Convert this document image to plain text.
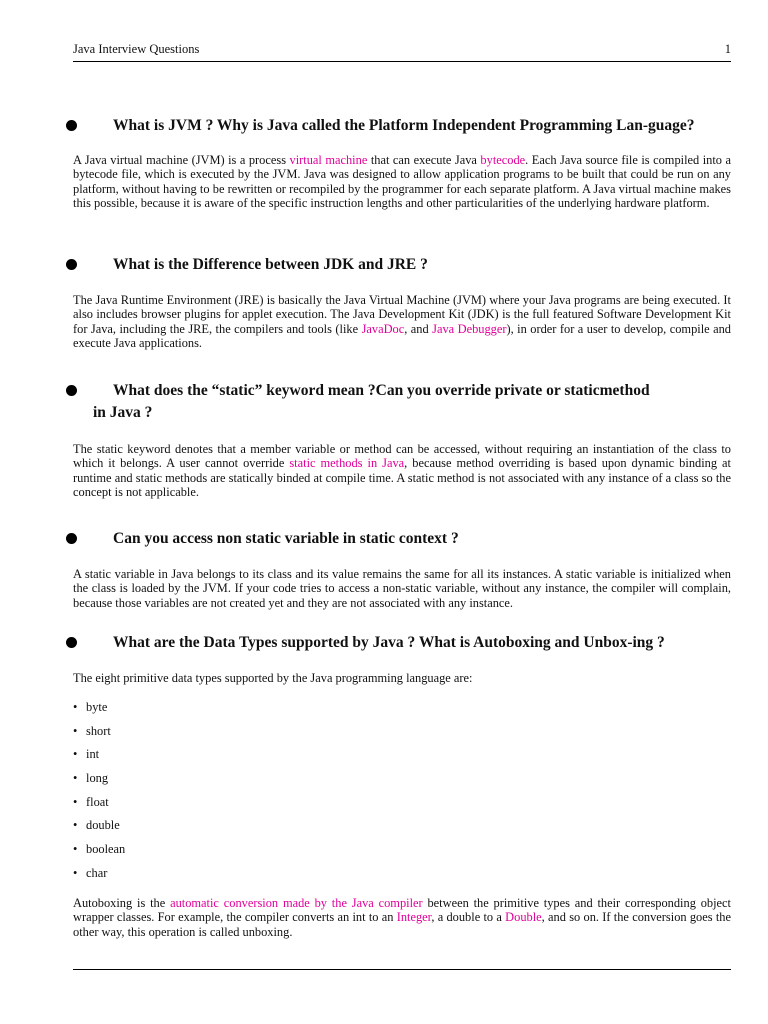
Java Interview Questions	1

What is JVM ? Why is Java called the Platform Independent Programming Lan-guage?

A Java virtual machine (JVM) is a process virtual machine that can execute Java bytecode. Each Java source file is compiled into a bytecode file, which is executed by the JVM. Java was designed to allow application programs to be built that could be run on any platform, without having to be rewritten or recompiled by the programmer for each separate platform. A Java virtual machine makes this possible, because it is aware of the specific instruction lengths and other particularities of the underlying hardware platform.

What is the Difference between JDK and JRE ?

The Java Runtime Environment (JRE) is basically the Java Virtual Machine (JVM) where your Java programs are being executed. It also includes browser plugins for applet execution. The Java Development Kit (JDK) is the full featured Software Development Kit for Java, including the JRE, the compilers and tools (like JavaDoc, and Java Debugger), in order for a user to develop, compile and execute Java applications.

What does the “static” keyword mean ?Can you override private or staticmethod

in Java ?

The static keyword denotes that a member variable or method can be accessed, without requiring an instantiation of the class to which it belongs. A user cannot override static methods in Java, because method overriding is based upon dynamic binding at runtime and static methods are statically binded at compile time. A static method is not associated with any instance of a class so the concept is not applicable.

Can you access non static variable in static context ?

A static variable in Java belongs to its class and its value remains the same for all its instances. A static variable is initialized when the class is loaded by the JVM. If your code tries to access a non-static variable, without any instance, the compiler will complain, because those variables are not created yet and they are not associated with any instance.

What are the Data Types supported by Java ? What is Autoboxing and Unbox-ing ?

The eight primitive data types supported by the Java programming language are:

• byte
• short
• int
• long
• float
• double
• boolean
• char

Autoboxing is the automatic conversion made by the Java compiler between the primitive types and their corresponding object wrapper classes. For example, the compiler converts an int to an Integer, a double to a Double, and so on. If the conversion goes the other way, this operation is called unboxing.
